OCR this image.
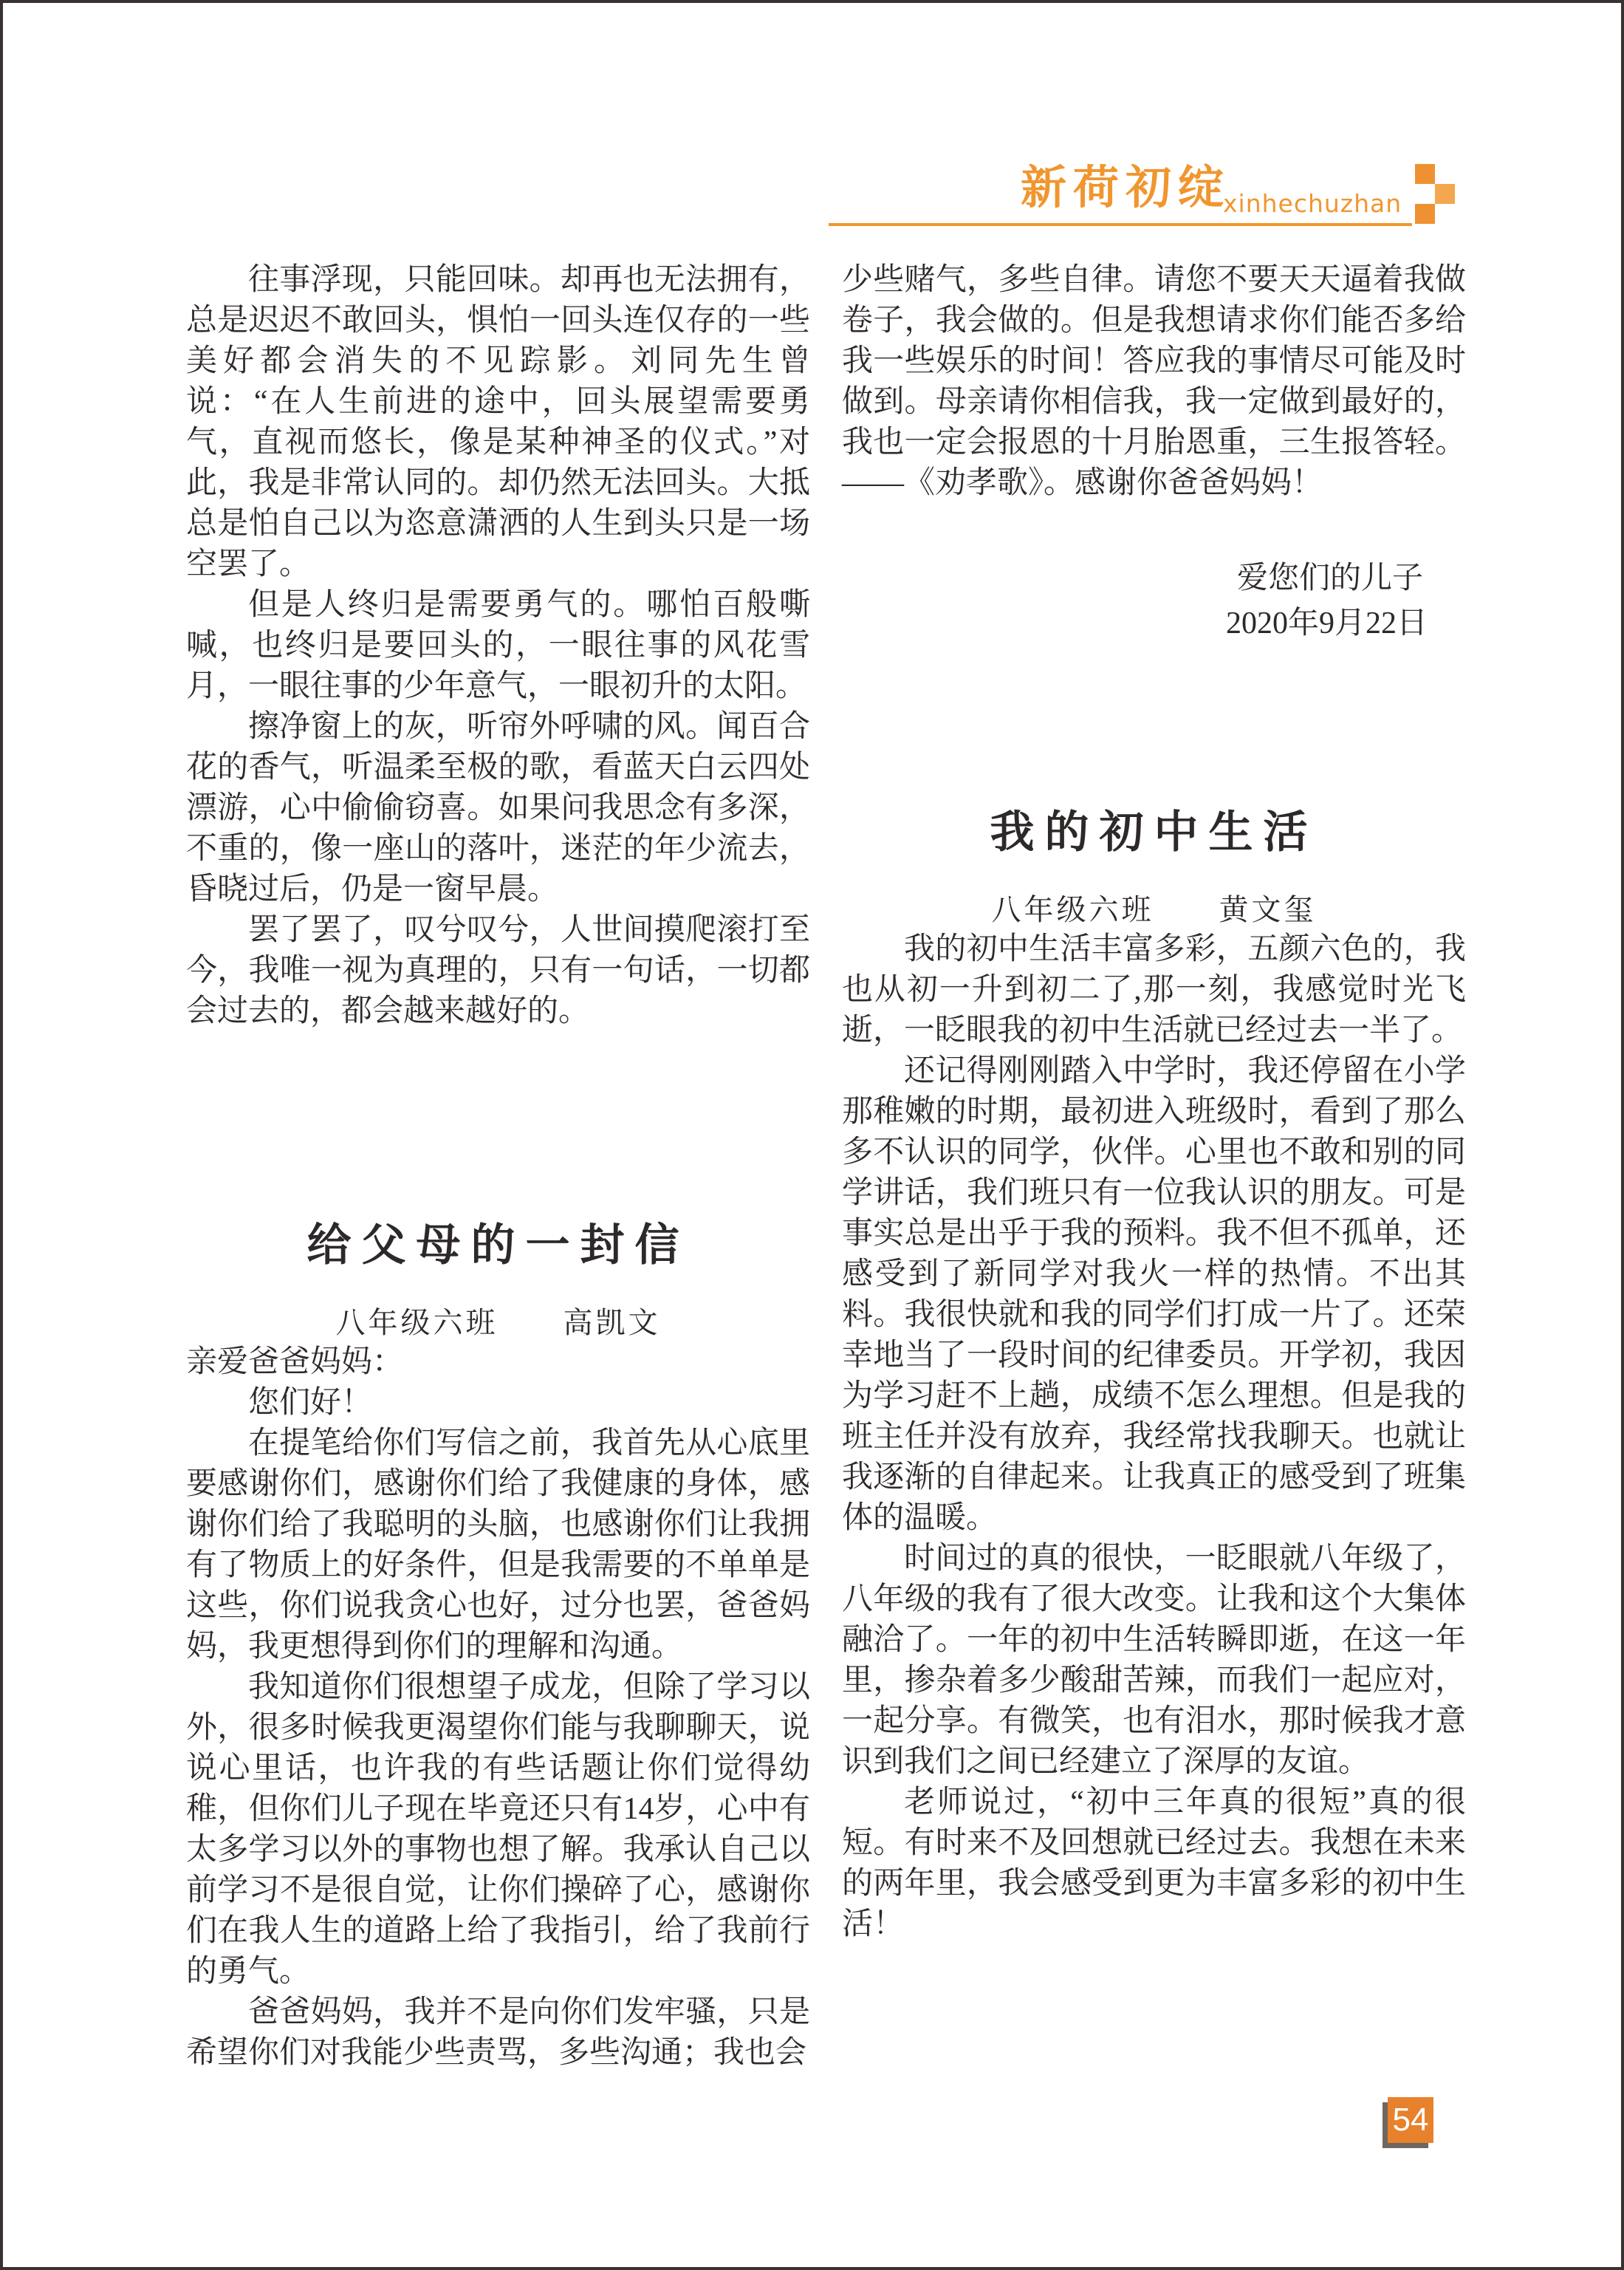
新荷初绽
xinhechuzhan

往事浮现，只能回味。却再也无法拥有，总是迟迟不敢回头，惧怕一回头连仅存的一些美好都会消失的不见踪影。刘同先生曾说：“在人生前进的途中，回头展望需要勇气，直视而悠长，像是某种神圣的仪式。”对此，我是非常认同的。却仍然无法回头。大抵总是怕自己以为恣意潇洒的人生到头只是一场空罢了。

但是人终归是需要勇气的。哪怕百般嘶喊，也终归是要回头的，一眼往事的风花雪月，一眼往事的少年意气，一眼初升的太阳。

擦净窗上的灰，听帘外呼啸的风。闻百合花的香气，听温柔至极的歌，看蓝天白云四处漂游，心中偷偷窃喜。如果问我思念有多深，不重的，像一座山的落叶，迷茫的年少流去，昏晓过后，仍是一窗早晨。

罢了罢了，叹兮叹兮，人世间摸爬滚打至今，我唯一视为真理的，只有一句话，一切都会过去的，都会越来越好的。

给父母的一封信
八年级六班　　高凯文

亲爱爸爸妈妈：

您们好！

在提笔给你们写信之前，我首先从心底里要感谢你们，感谢你们给了我健康的身体，感谢你们给了我聪明的头脑，也感谢你们让我拥有了物质上的好条件，但是我需要的不单单是这些，你们说我贪心也好，过分也罢，爸爸妈妈，我更想得到你们的理解和沟通。

我知道你们很想望子成龙，但除了学习以外，很多时候我更渴望你们能与我聊聊天，说说心里话，也许我的有些话题让你们觉得幼稚，但你们儿子现在毕竟还只有14岁，心中有太多学习以外的事物也想了解。我承认自己以前学习不是很自觉，让你们操碎了心，感谢你们在我人生的道路上给了我指引，给了我前行的勇气。

爸爸妈妈，我并不是向你们发牢骚，只是希望你们对我能少些责骂，多些沟通；我也会

少些赌气，多些自律。请您不要天天逼着我做卷子，我会做的。但是我想请求你们能否多给我一些娱乐的时间！答应我的事情尽可能及时做到。母亲请你相信我，我一定做到最好的，我也一定会报恩的十月胎恩重，三生报答轻。——《劝孝歌》。感谢你爸爸妈妈！

爱您们的儿子

2020年9月22日

我的初中生活
八年级六班　　黄文玺

我的初中生活丰富多彩，五颜六色的，我也从初一升到初二了,那一刻，我感觉时光飞逝，一眨眼我的初中生活就已经过去一半了。

还记得刚刚踏入中学时，我还停留在小学那稚嫩的时期，最初进入班级时，看到了那么多不认识的同学，伙伴。心里也不敢和别的同学讲话，我们班只有一位我认识的朋友。可是事实总是出乎于我的预料。我不但不孤单，还感受到了新同学对我火一样的热情。不出其料。我很快就和我的同学们打成一片了。还荣幸地当了一段时间的纪律委员。开学初，我因为学习赶不上趟，成绩不怎么理想。但是我的班主任并没有放弃，我经常找我聊天。也就让我逐渐的自律起来。让我真正的感受到了班集体的温暖。

时间过的真的很快，一眨眼就八年级了，八年级的我有了很大改变。让我和这个大集体融洽了。一年的初中生活转瞬即逝，在这一年里，掺杂着多少酸甜苦辣，而我们一起应对，一起分享。有微笑，也有泪水，那时候我才意识到我们之间已经建立了深厚的友谊。

老师说过，“初中三年真的很短”真的很短。有时来不及回想就已经过去。我想在未来的两年里，我会感受到更为丰富多彩的初中生活！

54
